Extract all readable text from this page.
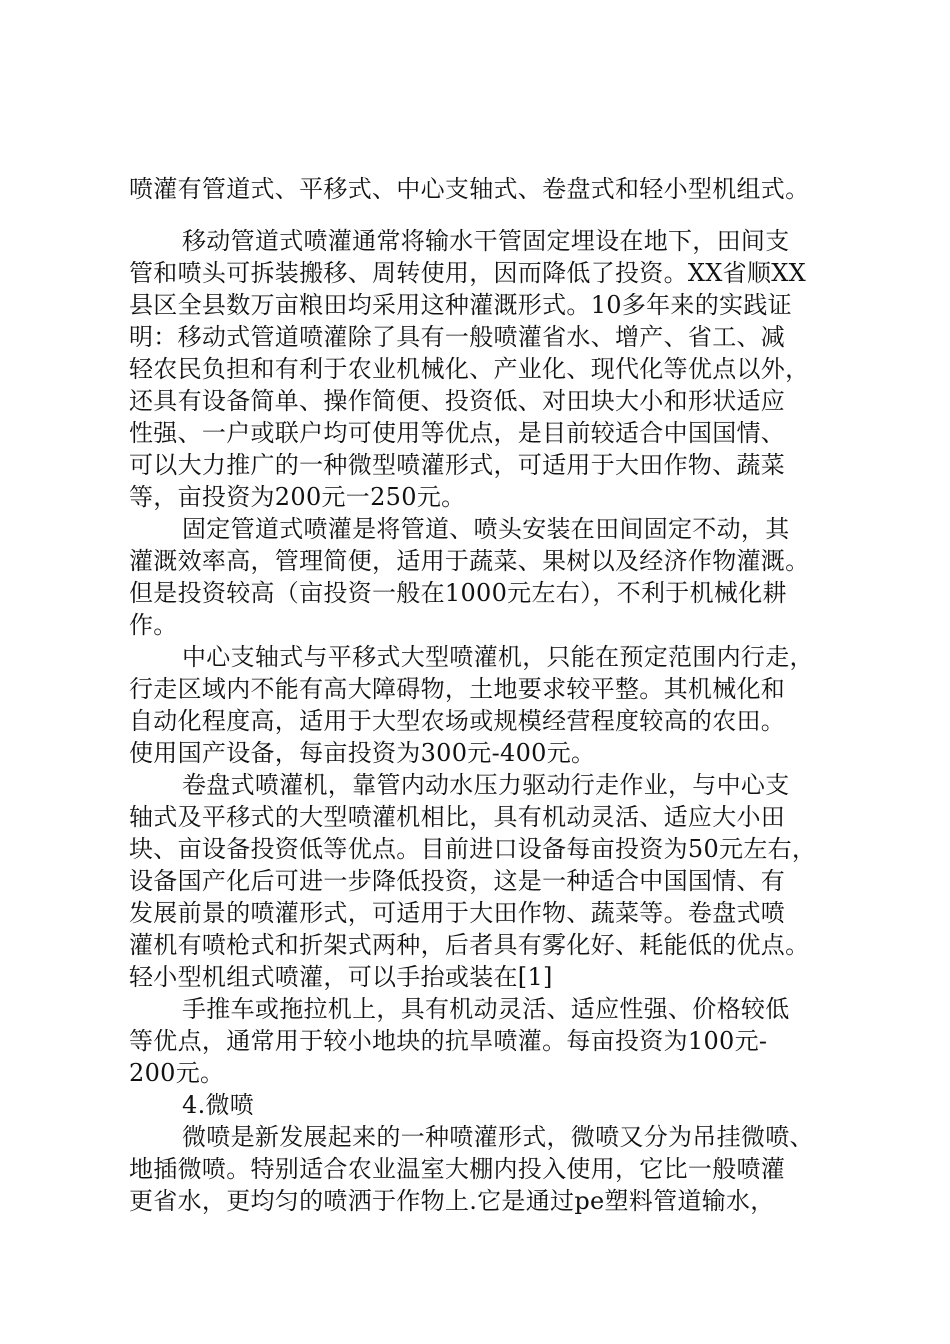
喷灌有管道式、平移式、中心支轴式、卷盘式和轻小型机组式。
移动管道式喷灌通常将输水干管固定埋设在地下，田间支
管和喷头可拆装搬移、周转使用，因而降低了投资。XX省顺XX
县区全县数万亩粮田均采用这种灌溉形式。10多年来的实践证
明：移动式管道喷灌除了具有一般喷灌省水、增产、省工、减
轻农民负担和有利于农业机械化、产业化、现代化等优点以外，
还具有设备简单、操作简便、投资低、对田块大小和形状适应
性强、一户或联户均可使用等优点，是目前较适合中国国情、
可以大力推广的一种微型喷灌形式，可适用于大田作物、蔬菜
等，亩投资为200元一250元。
固定管道式喷灌是将管道、喷头安装在田间固定不动，其
灌溉效率高，管理简便，适用于蔬菜、果树以及经济作物灌溉。
但是投资较高（亩投资一般在1000元左右），不利于机械化耕
作。
中心支轴式与平移式大型喷灌机，只能在预定范围内行走，
行走区域内不能有高大障碍物，土地要求较平整。其机械化和
自动化程度高，适用于大型农场或规模经营程度较高的农田。
使用国产设备，每亩投资为300元-400元。
卷盘式喷灌机，靠管内动水压力驱动行走作业，与中心支
轴式及平移式的大型喷灌机相比，具有机动灵活、适应大小田
块、亩设备投资低等优点。目前进口设备每亩投资为50元左右，
设备国产化后可进一步降低投资，这是一种适合中国国情、有
发展前景的喷灌形式，可适用于大田作物、蔬菜等。卷盘式喷
灌机有喷枪式和折架式两种，后者具有雾化好、耗能低的优点。
轻小型机组式喷灌，可以手抬或装在[1]
手推车或拖拉机上，具有机动灵活、适应性强、价格较低
等优点，通常用于较小地块的抗旱喷灌。每亩投资为100元-
200元。
4.微喷
微喷是新发展起来的一种喷灌形式，微喷又分为吊挂微喷、
地插微喷。特别适合农业温室大棚内投入使用，它比一般喷灌
更省水，更均匀的喷洒于作物上.它是通过pe塑料管道输水，
